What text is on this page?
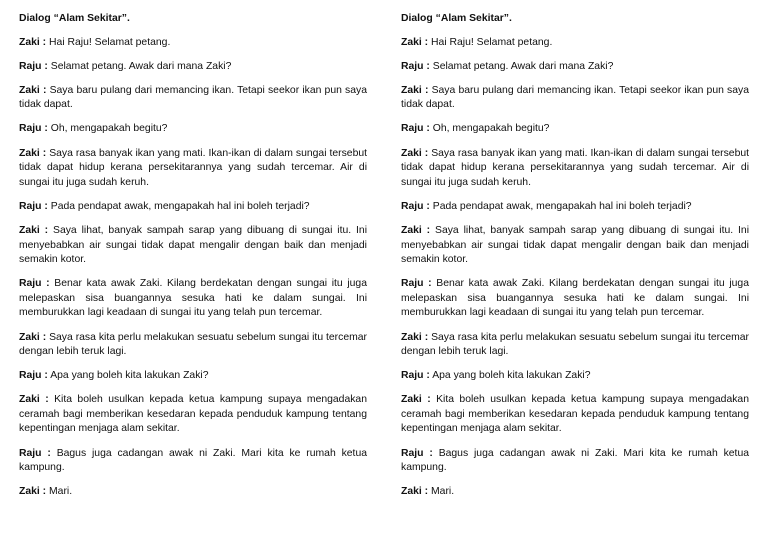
Dialog “Alam Sekitar”.
Zaki : Hai Raju! Selamat petang.
Raju : Selamat petang. Awak dari mana Zaki?
Zaki : Saya baru pulang dari memancing ikan. Tetapi seekor ikan pun saya tidak dapat.
Raju : Oh, mengapakah begitu?
Zaki : Saya rasa banyak ikan yang mati. Ikan-ikan di dalam sungai tersebut tidak dapat hidup kerana persekitarannya yang sudah tercemar. Air di sungai itu juga sudah keruh.
Raju : Pada pendapat awak, mengapakah hal ini boleh terjadi?
Zaki : Saya lihat, banyak sampah sarap yang dibuang di sungai itu. Ini menyebabkan air sungai tidak dapat mengalir dengan baik dan menjadi semakin kotor.
Raju : Benar kata awak Zaki. Kilang berdekatan dengan sungai itu juga melepaskan sisa buangannya sesuka hati ke dalam sungai. Ini memburukkan lagi keadaan di sungai itu yang telah pun tercemar.
Zaki : Saya rasa kita perlu melakukan sesuatu sebelum sungai itu tercemar dengan lebih teruk lagi.
Raju : Apa yang boleh kita lakukan Zaki?
Zaki : Kita boleh usulkan kepada ketua kampung supaya mengadakan ceramah bagi memberikan kesedaran kepada penduduk kampung tentang kepentingan menjaga alam sekitar.
Raju : Bagus juga cadangan awak ni Zaki. Mari kita ke rumah ketua kampung.
Zaki : Mari.
Dialog “Alam Sekitar”.
Zaki : Hai Raju! Selamat petang.
Raju : Selamat petang. Awak dari mana Zaki?
Zaki : Saya baru pulang dari memancing ikan. Tetapi seekor ikan pun saya tidak dapat.
Raju : Oh, mengapakah begitu?
Zaki : Saya rasa banyak ikan yang mati. Ikan-ikan di dalam sungai tersebut tidak dapat hidup kerana persekitarannya yang sudah tercemar. Air di sungai itu juga sudah keruh.
Raju : Pada pendapat awak, mengapakah hal ini boleh terjadi?
Zaki : Saya lihat, banyak sampah sarap yang dibuang di sungai itu. Ini menyebabkan air sungai tidak dapat mengalir dengan baik dan menjadi semakin kotor.
Raju : Benar kata awak Zaki. Kilang berdekatan dengan sungai itu juga melepaskan sisa buangannya sesuka hati ke dalam sungai. Ini memburukkan lagi keadaan di sungai itu yang telah pun tercemar.
Zaki : Saya rasa kita perlu melakukan sesuatu sebelum sungai itu tercemar dengan lebih teruk lagi.
Raju : Apa yang boleh kita lakukan Zaki?
Zaki : Kita boleh usulkan kepada ketua kampung supaya mengadakan ceramah bagi memberikan kesedaran kepada penduduk kampung tentang kepentingan menjaga alam sekitar.
Raju : Bagus juga cadangan awak ni Zaki. Mari kita ke rumah ketua kampung.
Zaki : Mari.
